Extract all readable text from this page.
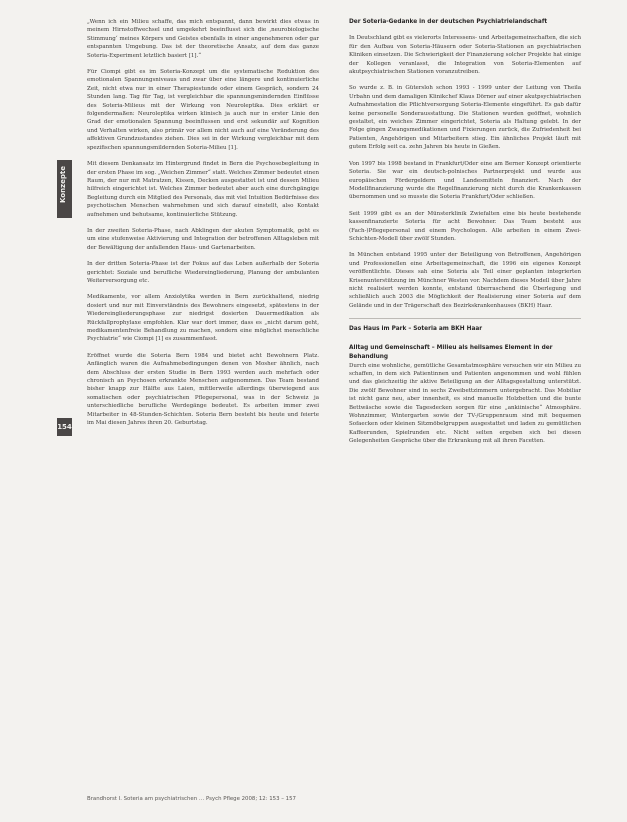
Konzepte
154

„Wenn ich ein Milieu schaffe, das mich entspannt, dann bewirkt dies etwas in meinem Hirnstoffwechsel und umgekehrt beeinflusst sich die ‚neurobiologische Stimmung‘ meines Körpers und Geistes ebenfalls in einer angenehmeren oder gar entspannten Umgebung. Das ist der theoretische Ansatz, auf dem das ganze Soteria-Experiment letztlich basiert [1].“

Für Ciompi gibt es im Soteria-Konzept um die systematische Reduktion des emotionalen Spannungsniveaus und zwar über eine längere und kontinuierliche Zeit, nicht etwa nur in einer Therapiestunde oder einem Gespräch, sondern 24 Stunden lang. Tag für Tag, ist vergleichbar die spannungsmindernden Einflüsse des Soteria-Milieus mit der Wirkung von Neuroleptika. Dies erklärt er folgendermaßen: Neuroleptika wirken klinisch ja auch nur in erster Linie den Grad der emotionalen Spannung beeinflussen und erst sekundär auf Kognition und Verhalten wirken, also primär vor allem nicht auch auf eine Veränderung des affektiven Grundzustandes ziehen. Dies sei in der Wirkung vergleichbar mit dem spezifischen spannungsmildernden Soteria-Milieu [1].

Mit diesem Denkansatz im Hintergrund findet in Bern die Psychosebegleitung in der ersten Phase im sog. „Weichen Zimmer“ statt. Welches Zimmer bedeutet einen Raum, der nur mit Matratzen, Kissen, Decken ausgestattet ist und dessen Milieu hilfreich eingerichtet ist. Welches Zimmer bedeutet aber auch eine durchgängige Begleitung durch ein Mitglied des Personals, das mit viel Intuition Bedürfnisse des psychotischen Menschen wahrnehmen und sich darauf einstellt, also Kontakt aufnehmen und behutsame, kontinuierliche Stützung.

In der zweiten Soteria-Phase, nach Abklingen der akuten Symptomatik, geht es um eine stufenweise Aktivierung und Integration der betroffenen Alltagsleben mit der Bewältigung der anfallenden Haus- und Gartenarbeiten.

In der dritten Soteria-Phase ist der Fokus auf das Leben außerhalb der Soteria gerichtet: Soziale und berufliche Wiedereingliederung, Planung der ambulanten Weiterversorgung etc.

Medikamente, vor allem Anxiolytika werden in Bern zurückhaltend, niedrig dosiert und nur mit Einverständnis des Bewohners eingesetzt, spätestens in der Wiedereingliederungsphase zur niedrigst dosierten Dauermedikation als Rückfallprophylaxe empfohlen. Klar war dort immer, dass es „nicht darum geht, medikamentenfreie Behandlung zu machen, sondern eine möglichst menschliche Psychiatrie“ wie Ciompi [1] es zusammenfasst.

Eröffnet wurde die Soteria Bern 1984 und bietet acht Bewohnern Platz. Anfänglich waren die Aufnahmebedingungen denen von Mosher ähnlich, nach dem Abschluss der ersten Studie in Bern 1993 werden auch mehrfach oder chronisch an Psychosen erkrankte Menschen aufgenommen. Das Team bestand bisher knapp zur Hälfte aus Laien, mittlerweile allerdings überwiegend aus somatischen oder psychiatrischen Pflegepersonal, was in der Schweiz ja unterschiedliche berufliche Werdegänge bedeutet. Es arbeiten immer zwei Mitarbeiter in 48-Stunden-Schichten. Soteria Bern besteht bis heute und feierte im Mai diesen Jahres ihren 20. Geburtstag.

Der Soteria-Gedanke in der deutschen Psychiatrielandschaft

In Deutschland gibt es vielerorts Interessens- und Arbeitsgemeinschaften, die sich für den Aufbau von Soteria-Häusern oder Soteria-Stationen an psychiatrischen Kliniken einsetzen. Die Schwierigkeit der Finanzierung solcher Projekte hat einige der Kollegen veranlasst, die Integration von Soteria-Elementen auf akutpsychiatrischen Stationen voranzutreiben.

So wurde z. B. in Gütersloh schon 1993 - 1999 unter der Leitung von Theila Urbahn und dem damaligen Klinikchef Klaus Dörner auf einer akutpsychiatrischen Aufnahmestation die Pflichtversorgung Soteria-Elemente eingeführt. Es gab dafür keine personelle Sonderausstattung. Die Stationen wurden geöffnet, wohnlich gestaltet, ein weiches Zimmer eingerichtet, Soteria als Haltung gelebt. In der Folge gingen Zwangsmedikationen und Fixierungen zurück, die Zufriedenheit bei Patienten, Angehörigen und Mitarbeitern stieg. Ein ähnliches Projekt läuft mit gutem Erfolg seit ca. zehn Jahren bis heute in Gießen.

Von 1997 bis 1998 bestand in Frankfurt/Oder eine am Berner Konzept orientierte Soteria. Sie war ein deutsch-polnisches Partnerprojekt und wurde aus europäischen Fördergeldern und Landesmitteln finanziert. Nach der Modellfinanzierung wurde die Regelfinanzierung nicht durch die Krankenkassen übernommen und so musste die Soteria Frankfurt/Oder schließen.

Seit 1999 gibt es an der Münsterklinik Zwiefalten eine bis heute bestehende kassenfinanzierte Soteria für acht Bewohner. Das Team besteht aus (Fach-)Pflegepersonal und einem Psychologen. Alle arbeiten in einem Zwei-Schichten-Modell über zwölf Stunden.

In München entstand 1995 unter der Beteiligung von Betroffenen, Angehörigen und Professionellen eine Arbeitsgemeinschaft, die 1996 ein eigenes Konzept veröffentlichte. Dieses sah eine Soteria als Teil einer geplanten integrierten Krisenunterstützung im Münchner Westen vor. Nachdem dieses Modell über Jahre nicht realisiert werden konnte, entstand überraschend die Überlegung und schließlich auch 2003 die Möglichkeit der Realisierung einer Soteria auf dem Gelände und in der Trägerschaft des Bezirkskrankenhauses (BKH) Haar.

Das Haus im Park – Soteria am BKH Haar
Alltag und Gemeinschaft – Milieu als heilsames Element in der Behandlung

Durch eine wohnliche, gemütliche Gesamtatmosphäre versuchen wir ein Milieu zu schaffen, in dem sich Patientinnen und Patienten angenommen und wohl fühlen und das gleichzeitig ihr aktive Beteiligung an der Alltagsgestaltung unterstützt. Die zwölf Bewohner sind in sechs Zweibettzimmern untergebracht. Das Mobiliar ist nicht ganz neu, aber innenheit, es sind manuelle Holzbetten und die bunte Bettwäsche sowie die Tagesdecken sorgen für eine „ankiinische“ Atmosphäre. Wohnzimmer, Wintergarten sowie der TV-/Gruppenraum sind mit bequemen Sofaecken oder kleinen Sitzmöbelgruppen ausgestattet und laden zu gemütlichen Kaffeerunden, Spielrunden etc. Nicht selten ergeben sich bei diesen Gelegenheiten Gespräche über die Erkrankung mit all ihren Facetten.

Brandhorst I. Soteria am psychiatrischen … Psych Pflege 2008; 12: 153 – 157
